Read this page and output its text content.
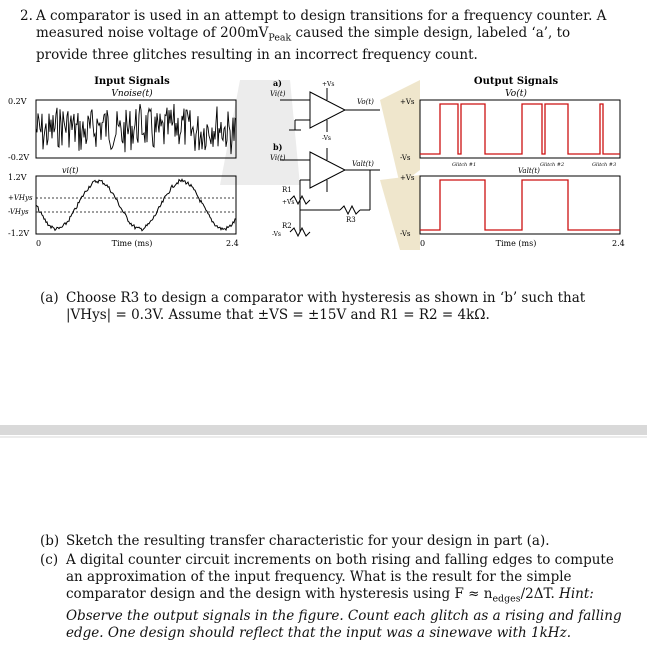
2. A comparator is used in an attempt to design transitions for a frequency counter. A measured noise voltage of $200mV_{Peak}$ caused the simple design, labeled ‘a’, to provide three glitches resulting in an incorrect frequency count.
Input Signals
Vnoise(t)
0.2V
-0.2V
vi(t)
1.2V
+VHys
-VHys
-1.2V
0	Time (ms)	2.4
a)
Vi(t)
Vo(t)
+Vs
-Vs
b)
Vi(t)
Valt(t)
R1
+Vs
R2
-Vs
R3
Output Signals
Vo(t)
+Vs
-Vs
Glitch #1	Glitch #2	Glitch #3
Valt(t)
+Vs
-Vs
0	Time (ms)	2.4
(a) Choose R3 to design a comparator with hysteresis as shown in ‘b’ such that |VHys| = 0.3V. Assume that ±VS = ±15V and R1 = R2 = 4kΩ.
(b) Sketch the resulting transfer characteristic for your design in part (a).
(c) A digital counter circuit increments on both rising and falling edges to compute an approximation of the input frequency. What is the result for the simple comparator design and the design with hysteresis using $F \approx n_{edges}/2\Delta T$. Hint: Observe the output signals in the figure. Count each glitch as a rising and falling edge. One design should reflect that the input was a sinewave with 1kHz.
